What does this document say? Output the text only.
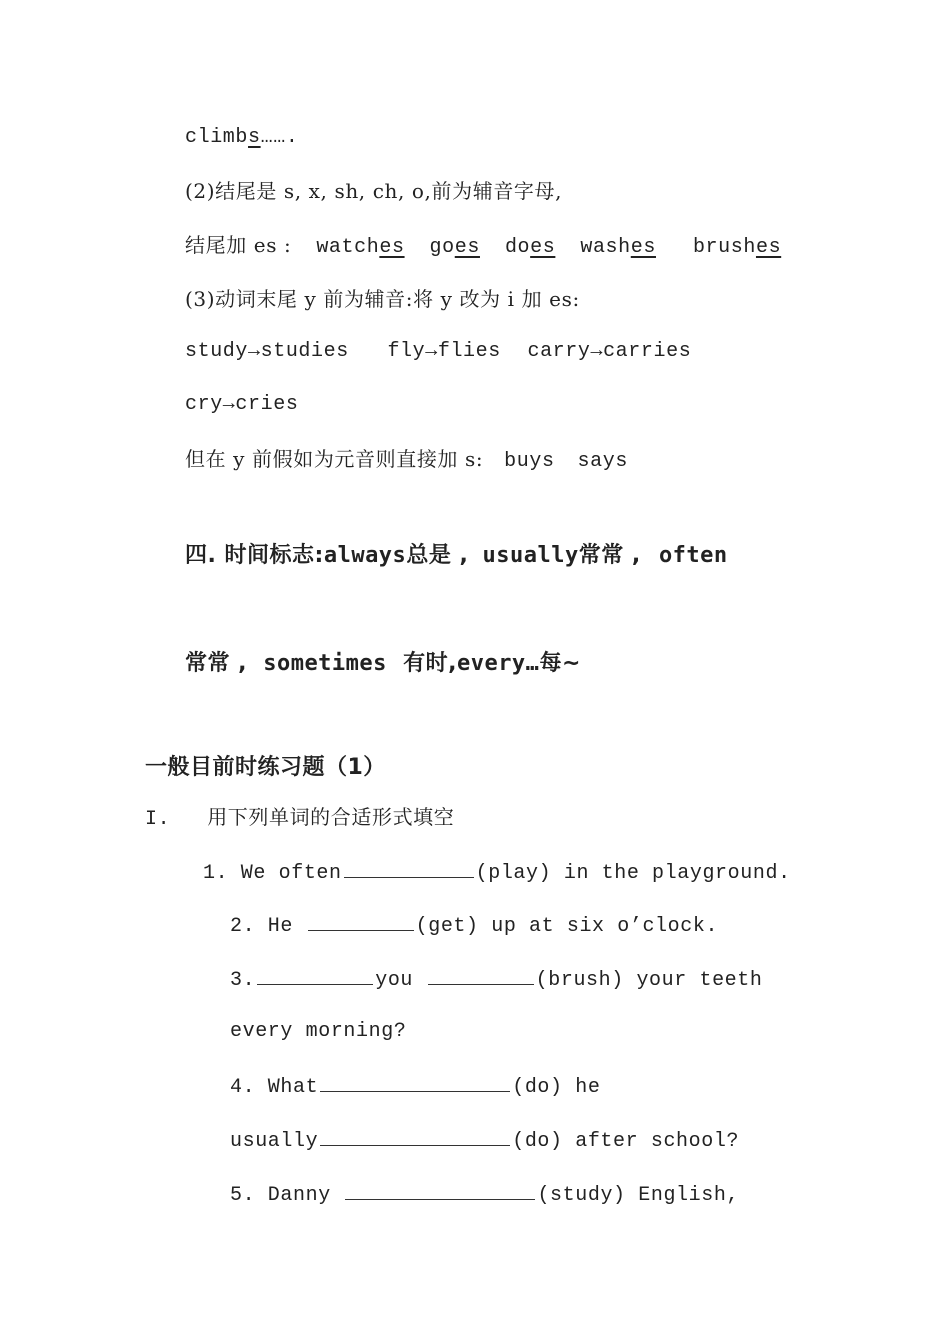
climbs…….
(2)结尾是 s, x, sh, ch, o,前为辅音字母,
结尾加 es : watches goes does washes brushes
(3)动词末尾 y 前为辅音:将 y 改为 i 加 es:
study→studies fly→flies carry→carries
cry→cries
但在 y 前假如为元音则直接加 s: buys says
四. 时间标志:always总是 , usually常常 , often
常常 , sometimes 有时,every…每~
一般目前时练习题（1）
I. 用下列单词的合适形式填空
1. We often	(play) in the playground.
2. He	(get) up at six o’clock.
3.	you	(brush) your teeth
every morning?
4. What	(do) he
usually	(do) after school?
5. Danny	(study) English,
